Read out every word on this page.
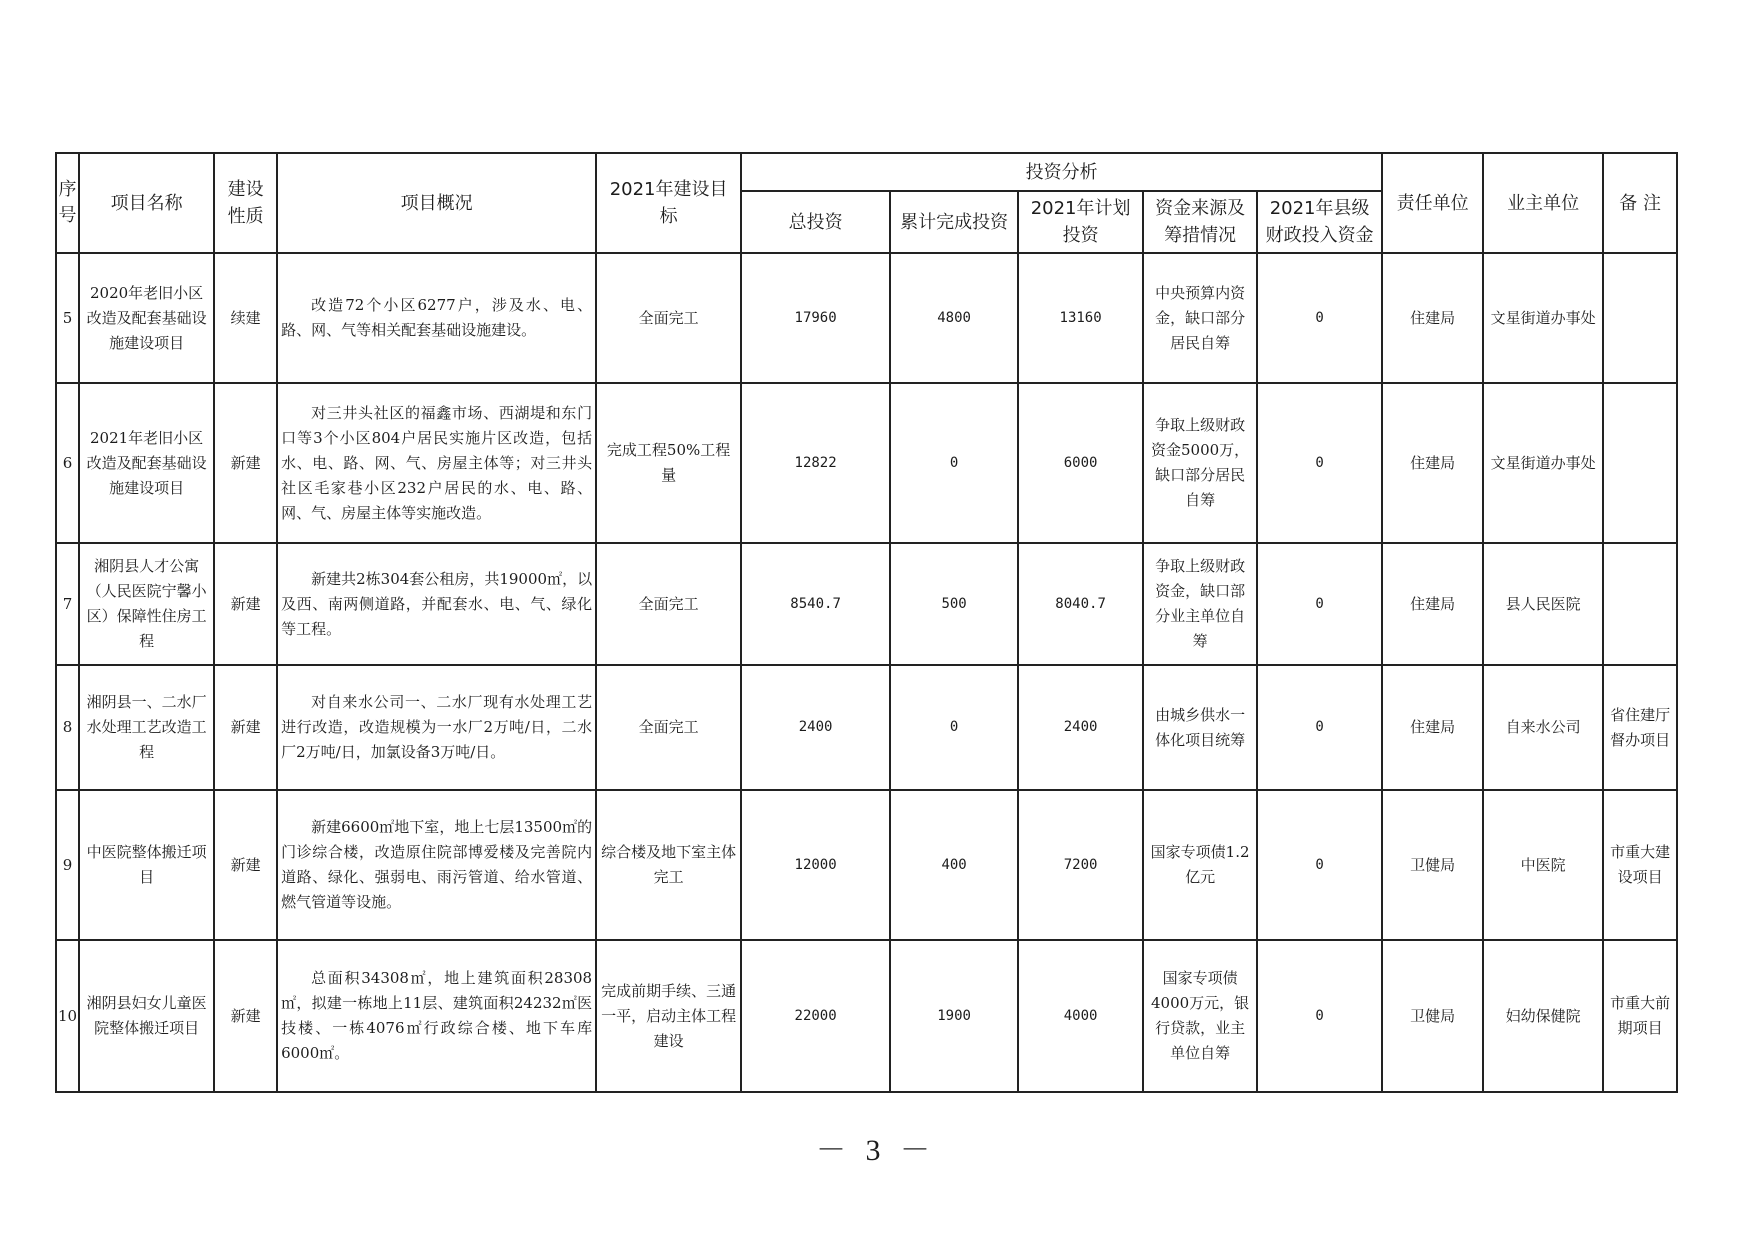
序号	项目名称	建设性质	项目概况	2021年建设目标	投资分析					责任单位	业主单位	备 注
					总投资	累计完成投资	2021年计划投资	资金来源及筹措情况	2021年县级财政投入资金			
5	2020年老旧小区改造及配套基础设施建设项目	续建	改造72个小区6277户，涉及水、电、路、网、气等相关配套基础设施建设。	全面完工	17960	4800	13160	中央预算内资金，缺口部分居民自筹	0	住建局	文星街道办事处	
6	2021年老旧小区改造及配套基础设施建设项目	新建	对三井头社区的福鑫市场、西湖堤和东门口等3个小区804户居民实施片区改造，包括水、电、路、网、气、房屋主体等；对三井头社区毛家巷小区232户居民的水、电、路、网、气、房屋主体等实施改造。	完成工程50%工程量	12822	0	6000	争取上级财政资金5000万，缺口部分居民自筹	0	住建局	文星街道办事处	
7	湘阴县人才公寓（人民医院宁馨小区）保障性住房工程	新建	新建共2栋304套公租房，共19000㎡，以及西、南两侧道路，并配套水、电、气、绿化等工程。	全面完工	8540.7	500	8040.7	争取上级财政资金，缺口部分业主单位自筹	0	住建局	县人民医院	
8	湘阴县一、二水厂水处理工艺改造工程	新建	对自来水公司一、二水厂现有水处理工艺进行改造，改造规模为一水厂2万吨/日，二水厂2万吨/日，加氯设备3万吨/日。	全面完工	2400	0	2400	由城乡供水一体化项目统筹	0	住建局	自来水公司	省住建厅督办项目
9	中医院整体搬迁项目	新建	新建6600㎡地下室，地上七层13500㎡的门诊综合楼，改造原住院部博爱楼及完善院内道路、绿化、强弱电、雨污管道、给水管道、燃气管道等设施。	综合楼及地下室主体完工	12000	400	7200	国家专项债1.2亿元	0	卫健局	中医院	市重大建设项目
10	湘阴县妇女儿童医院整体搬迁项目	新建	总面积34308㎡，地上建筑面积28308㎡，拟建一栋地上11层、建筑面积24232㎡医技楼、一栋4076㎡行政综合楼、地下车库6000㎡。	完成前期手续、三通一平，启动主体工程建设	22000	1900	4000	国家专项债4000万元，银行贷款，业主单位自筹	0	卫健局	妇幼保健院	市重大前期项目
－ 3 －
